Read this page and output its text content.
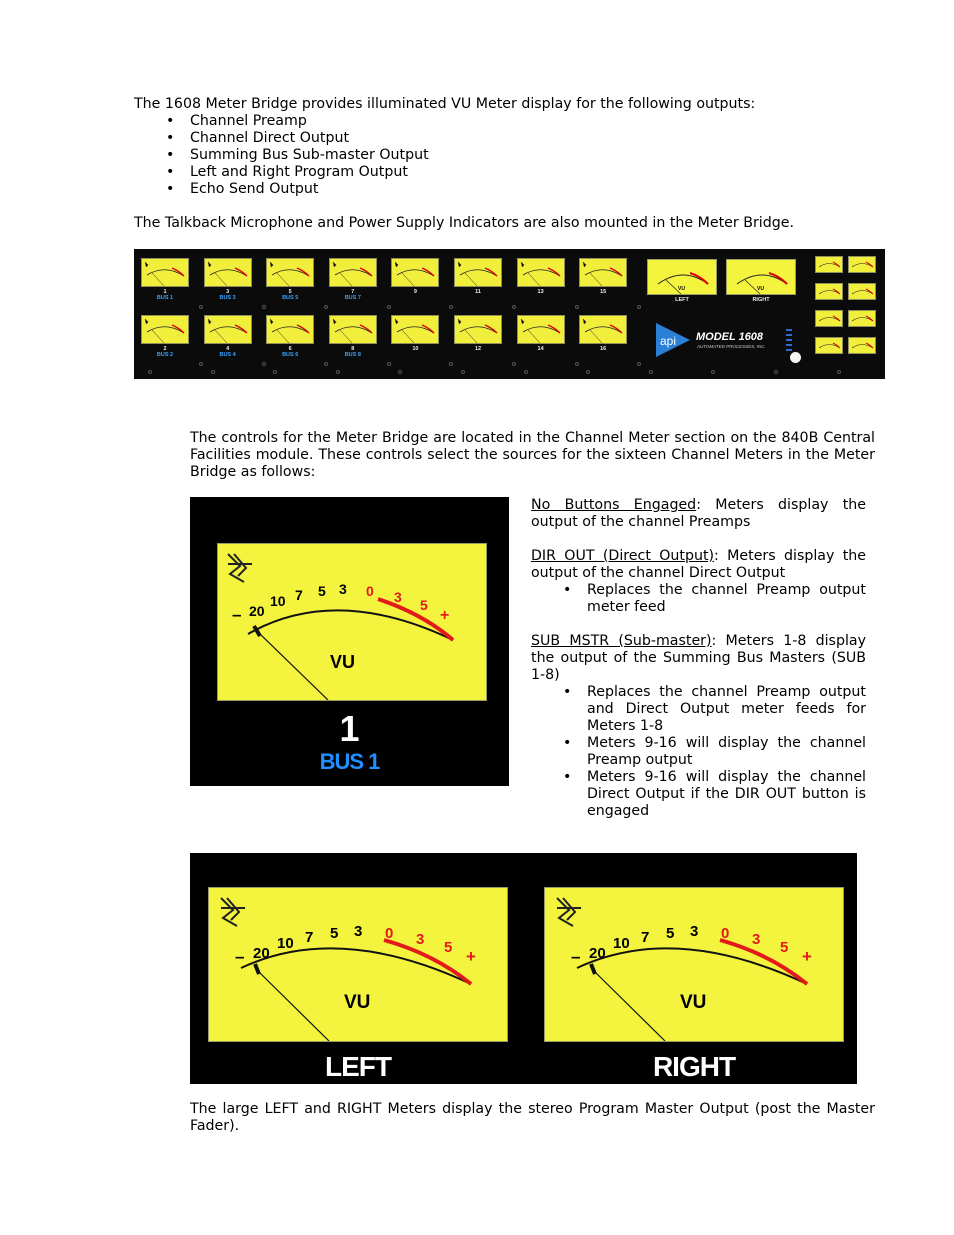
The 1608 Meter Bridge provides illuminated VU Meter display for the following outputs:

• Channel Preamp
• Channel Direct Output
• Summing Bus Sub-master Output
• Left and Right Program Output
• Echo Send Output

The Talkback Microphone and Power Supply Indicators are also mounted in the Meter Bridge.

1
BUS 1
3
BUS 3
5
BUS 5
7
BUS 7
9	11	13	15
2
BUS 2
4
BUS 4
6
BUS 6
8
BUS 8
10	12	14	16
VU
LEFT
VU
RIGHT
api MODEL 1608
AUTOMATED PROCESSES, INC.

The controls for the Meter Bridge are located in the Channel Meter section on the 840B Central Facilities module. These controls select the sources for the sixteen Channel Meters in the Meter Bridge as follows:

– 20
10 7 5 3 0 3 5
+
VU
1
BUS 1

No Buttons Engaged: Meters display the output of the channel Preamps

DIR OUT (Direct Output): Meters display the output of the channel Direct Output

• Replaces the channel Preamp output meter feed

SUB MSTR (Sub-master): Meters 1-8 display the output of the Summing Bus Masters (SUB 1-8)

• Replaces the channel Preamp output and Direct Output meter feeds for Meters 1-8
• Meters 9-16 will display the channel Preamp output
• Meters 9-16 will display the channel Direct Output if the DIR OUT button is engaged
– 20
10 7 5 3 0 3 5 +
VU
– 20
10 7 5 3 0 3 5 +
VU
LEFT	RIGHT

The large LEFT and RIGHT Meters display the stereo Program Master Output (post the Master Fader).
